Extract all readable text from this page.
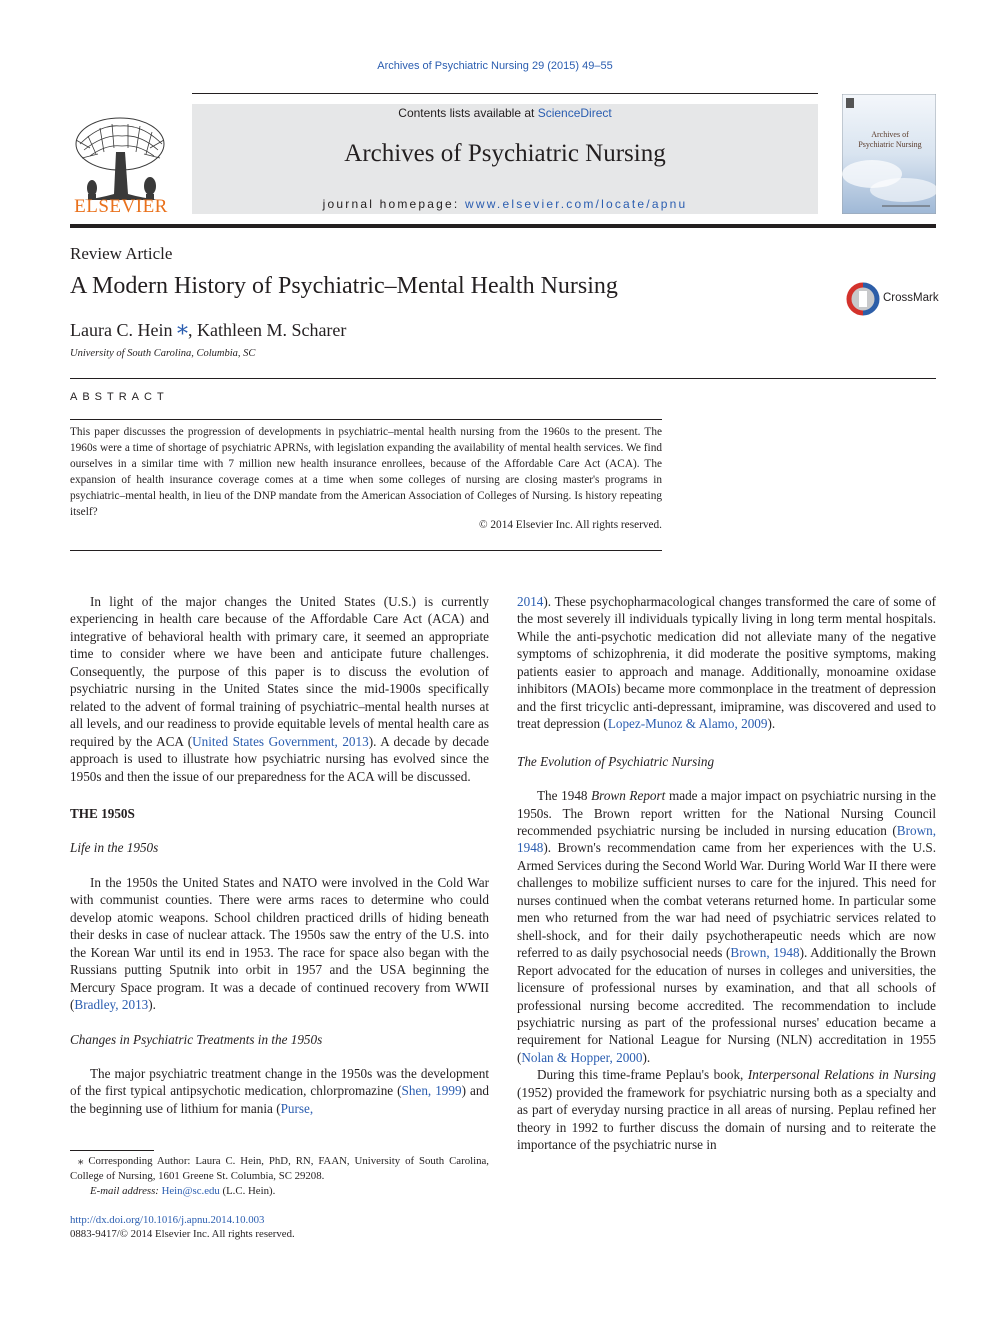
Archives of Psychiatric Nursing 29 (2015) 49–55
ELSEVIER
Contents lists available at ScienceDirect
Archives of Psychiatric Nursing
journal homepage: www.elsevier.com/locate/apnu
Archives of
Psychiatric Nursing
Review Article
A Modern History of Psychiatric–Mental Health Nursing	CrossMark
Laura C. Hein ⁎, Kathleen M. Scharer
University of South Carolina, Columbia, SC
ABSTRACT
This paper discusses the progression of developments in psychiatric–mental health nursing from the 1960s to the present. The 1960s were a time of shortage of psychiatric APRNs, with legislation expanding the availability of mental health services. We find ourselves in a similar time with 7 million new health insurance enrollees, because of the Affordable Care Act (ACA). The expansion of health insurance coverage comes at a time when some colleges of nursing are closing master's programs in psychiatric–mental health, in lieu of the DNP mandate from the American Association of Colleges of Nursing. Is history repeating itself?
© 2014 Elsevier Inc. All rights reserved.

In light of the major changes the United States (U.S.) is currently experiencing in health care because of the Affordable Care Act (ACA) and integrative of behavioral health with primary care, it seemed an appropriate time to consider where we have been and anticipate future challenges. Consequently, the purpose of this paper is to discuss the evolution of psychiatric nursing in the United States since the mid-1900s specifically related to the advent of formal training of psychiatric–mental health nurses at all levels, and our readiness to provide equitable levels of mental health care as required by the ACA (United States Government, 2013). A decade by decade approach is used to illustrate how psychiatric nursing has evolved since the 1950s and then the issue of our preparedness for the ACA will be discussed.

THE 1950S

Life in the 1950s

In the 1950s the United States and NATO were involved in the Cold War with communist counties. There were arms races to determine who could develop atomic weapons. School children practiced drills of hiding beneath their desks in case of nuclear attack. The 1950s saw the entry of the U.S. into the Korean War until its end in 1953. The race for space also began with the Russians putting Sputnik into orbit in 1957 and the USA beginning the Mercury Space program. It was a decade of continued recovery from WWII (Bradley, 2013).

Changes in Psychiatric Treatments in the 1950s

The major psychiatric treatment change in the 1950s was the development of the first typical antipsychotic medication, chlorpromazine (Shen, 1999) and the beginning use of lithium for mania (Purse,

2014). These psychopharmacological changes transformed the care of some of the most severely ill individuals typically living in long term mental hospitals. While the anti-psychotic medication did not alleviate many of the negative symptoms of schizophrenia, it did moderate the positive symptoms, making patients easier to approach and manage. Additionally, monoamine oxidase inhibitors (MAOIs) became more commonplace in the treatment of depression and the first tricyclic anti-depressant, imipramine, was discovered and used to treat depression (Lopez-Munoz & Alamo, 2009).

The Evolution of Psychiatric Nursing

The 1948 Brown Report made a major impact on psychiatric nursing in the 1950s. The Brown report written for the National Nursing Council recommended psychiatric nursing be included in nursing education (Brown, 1948). Brown's recommendation came from her experiences with the U.S. Armed Services during the Second World War. During World War II there were challenges to mobilize sufficient nurses to care for the injured. This need for nurses continued when the combat veterans returned home. In particular some men who returned from the war had need of psychiatric services related to shell-shock, and for their daily psychotherapeutic needs which are now referred to as daily psychosocial needs (Brown, 1948). Additionally the Brown Report advocated for the education of nurses in colleges and universities, the licensure of professional nurses by examination, and that all schools of professional nursing become accredited. The recommendation to include psychiatric nursing as part of the professional nurses' education became a requirement for National League for Nursing (NLN) accreditation in 1955 (Nolan & Hopper, 2000).

During this time-frame Peplau's book, Interpersonal Relations in Nursing (1952) provided the framework for psychiatric nursing both as a specialty and as part of everyday nursing practice in all areas of nursing. Peplau refined her theory in 1992 to further discuss the domain of nursing and to reiterate the importance of the psychiatric nurse in

⁎ Corresponding Author: Laura C. Hein, PhD, RN, FAAN, University of South Carolina, College of Nursing, 1601 Greene St. Columbia, SC 29208.

E-mail address: Hein@sc.edu (L.C. Hein).

http://dx.doi.org/10.1016/j.apnu.2014.10.003
0883-9417/© 2014 Elsevier Inc. All rights reserved.
